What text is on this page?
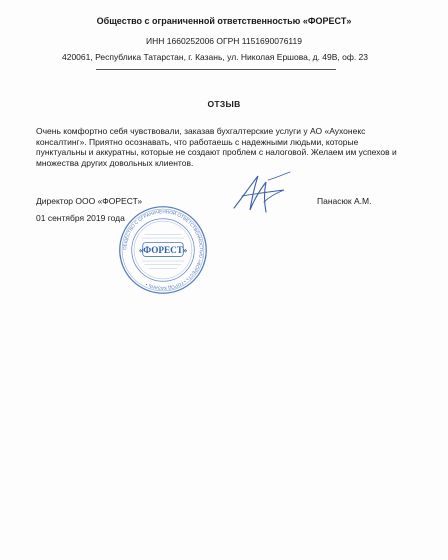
Общество с ограниченной ответственностью «ФОРЕСТ»
ИНН 1660252006 ОГРН 1151690076119
420061, Республика Татарстан, г. Казань, ул. Николая Ершова, д. 49В, оф. 23
ОТЗЫВ
Очень комфортно себя чувствовали, заказав бухгалтерские услуги у АО «Аухонекс
консалтинг». Приятно осознавать, что работаешь с надежными людьми, которые
пунктуальны и аккуратны, которые не создают проблем с налоговой. Желаем им успехов и
множества других довольных клиентов.
Директор ООО «ФОРЕСТ»	Панасюк А.М.
01 сентября 2019 года
ОБЩЕСТВО С ОГРАНИЧЕННОЙ ОТВЕТСТВЕННОСТЬЮ «ФОРЕСТ» • ГОРОД КАЗАНЬ •
«ФОРЕСТ»
